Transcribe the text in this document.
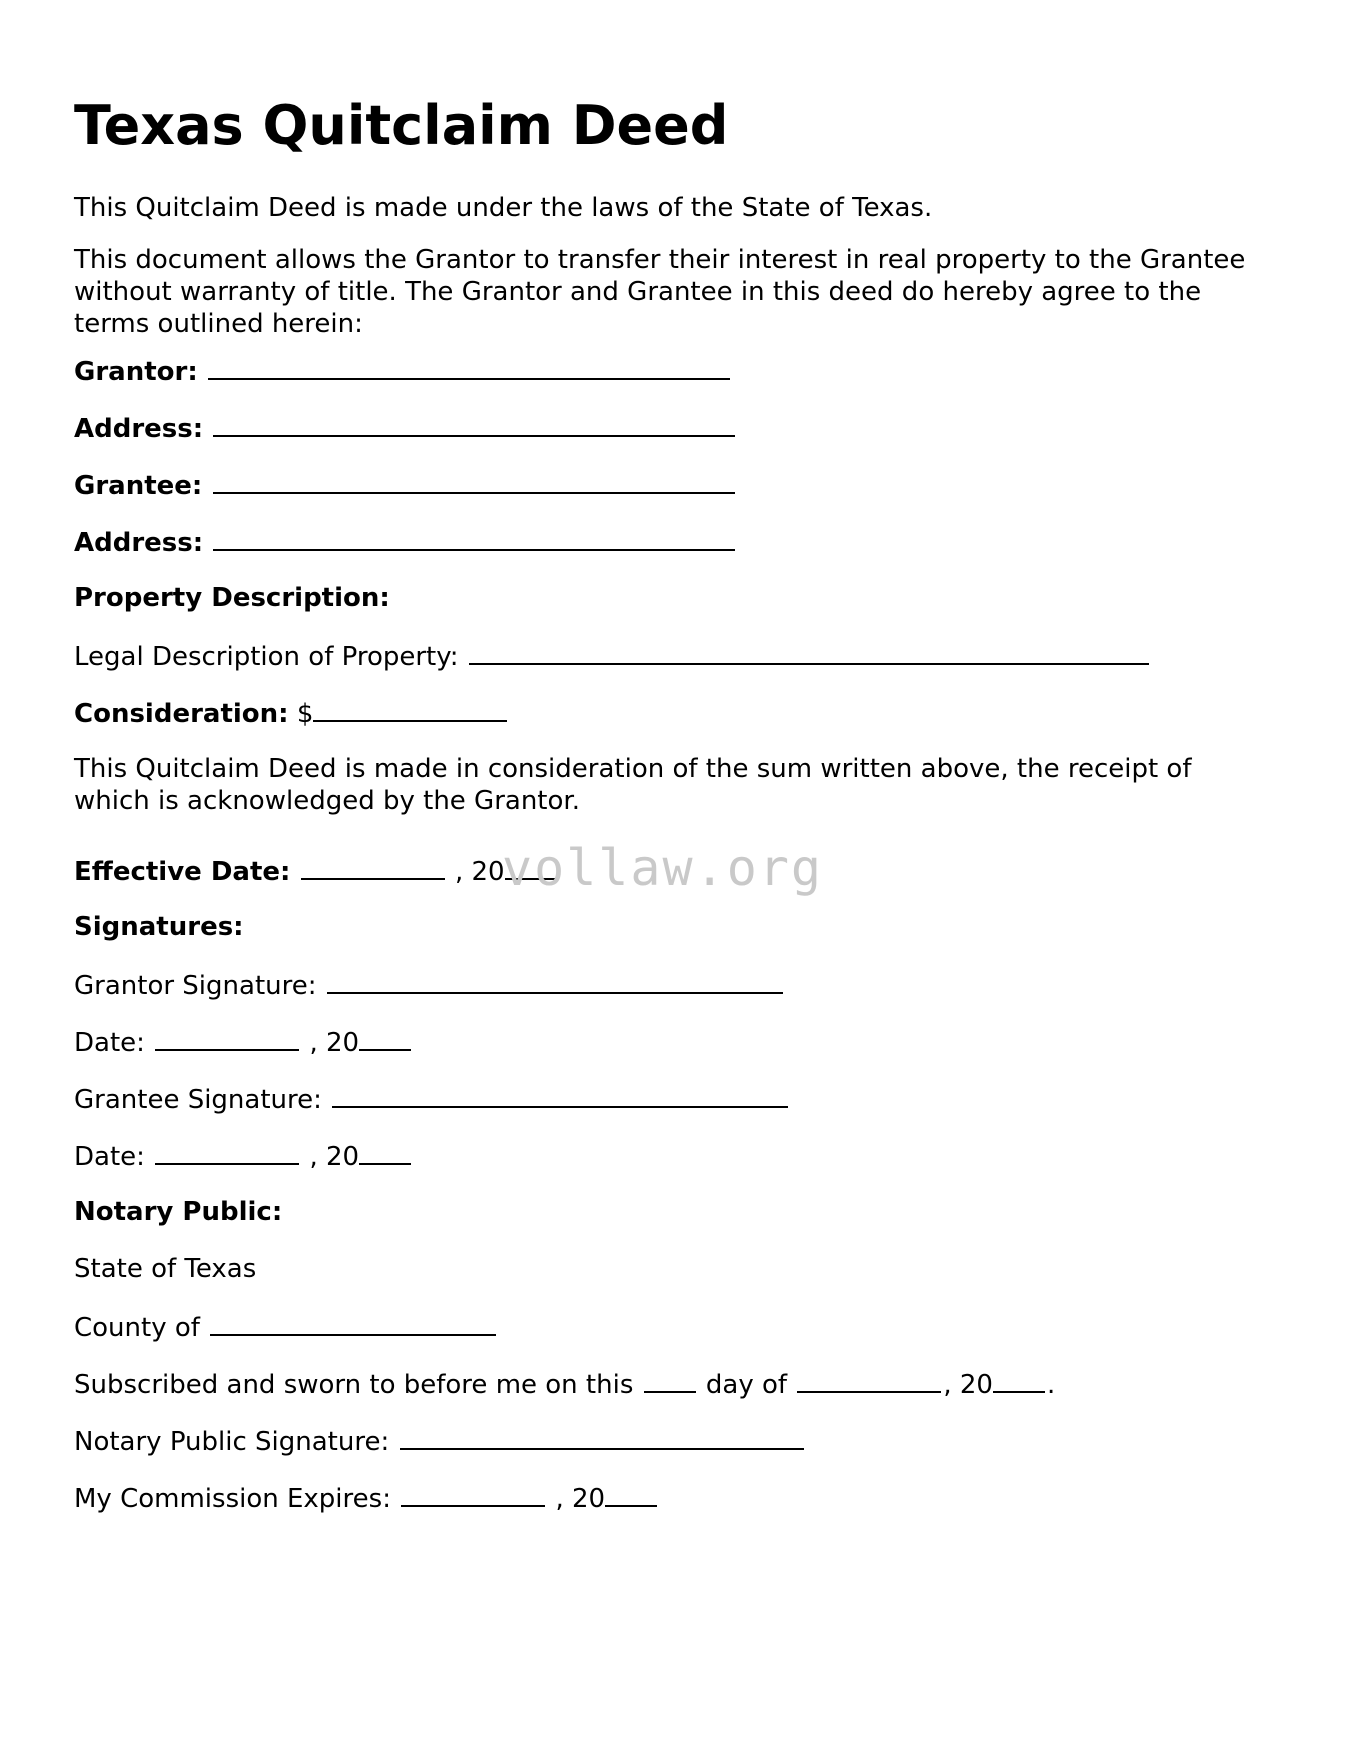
Texas Quitclaim Deed

This Quitclaim Deed is made under the laws of the State of Texas.

This document allows the Grantor to transfer their interest in real property to the Grantee without warranty of title. The Grantor and Grantee in this deed do hereby agree to the terms outlined herein:

Grantor:

Address:

Grantee:

Address:

Property Description:

Legal Description of Property:

Consideration: $

This Quitclaim Deed is made in consideration of the sum written above, the receipt of which is acknowledged by the Grantor.

Effective Date:	, 20

Signatures:

Grantor Signature:

Date:	, 20

Grantee Signature:

Date:	, 20

Notary Public:

State of Texas

County of

Subscribed and sworn to before me on this	day of	, 20 .

Notary Public Signature:

My Commission Expires:	, 20

vollaw.org
